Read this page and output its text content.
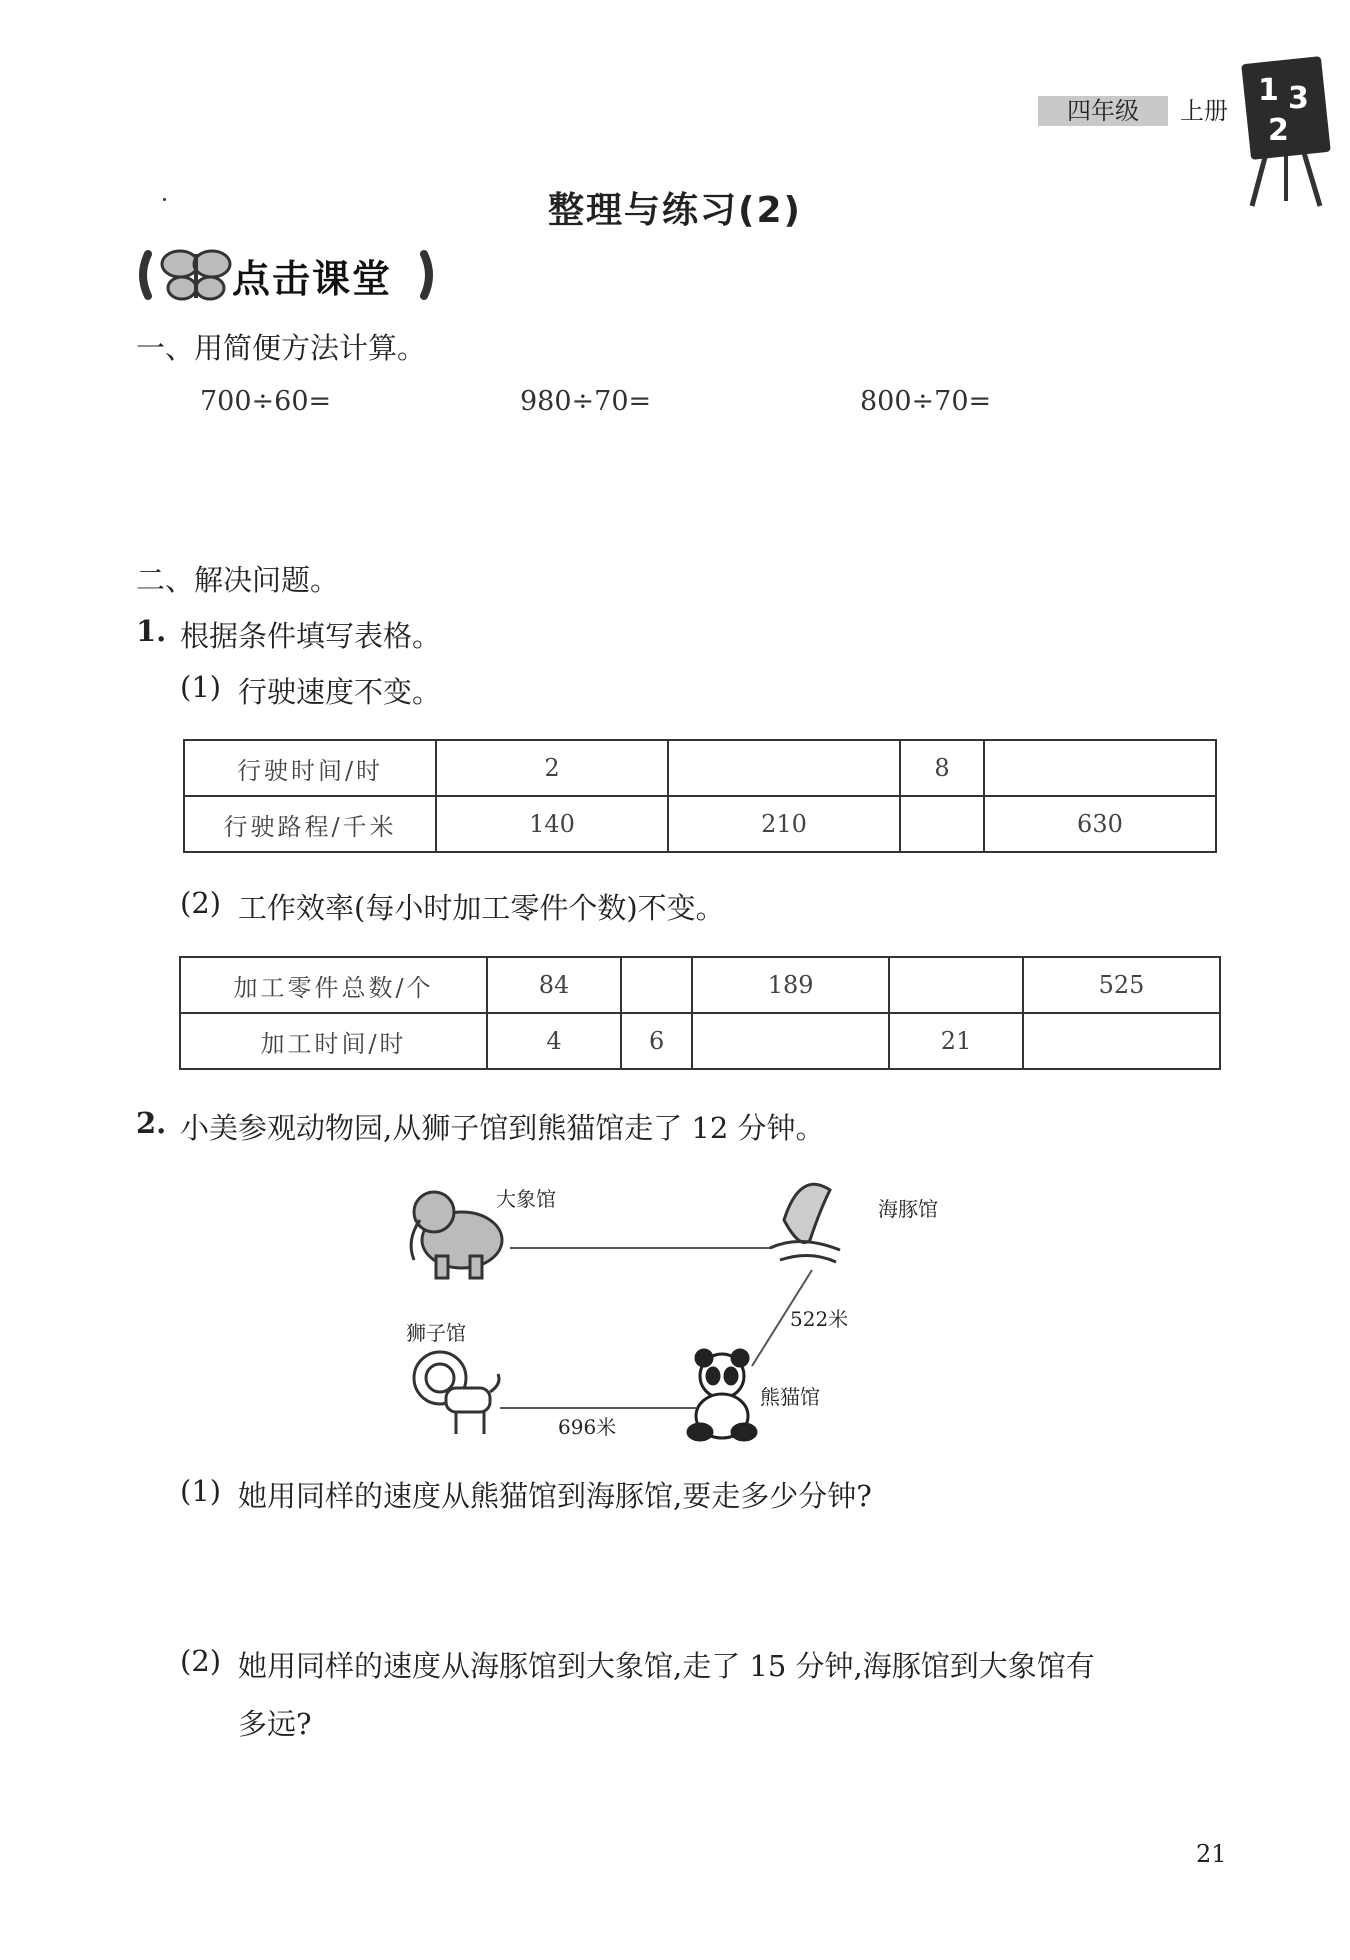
四年级	上册
1 3
2
整理与练习(2)
点击课堂
一、用简便方法计算。
700÷60=	980÷70=	800÷70=
二、解决问题。
1. 根据条件填写表格。
(1) 行驶速度不变。
行驶时间/时	2		8	
行驶路程/千米	140	210		630
(2) 工作效率(每小时加工零件个数)不变。
加工零件总数/个	84		189		525
加工时间/时	4	6		21	
2. 小美参观动物园,从狮子馆到熊猫馆走了 12 分钟。
大象馆	海豚馆
狮子馆
熊猫馆
522米
696米
(1) 她用同样的速度从熊猫馆到海豚馆,要走多少分钟?
(2) 她用同样的速度从海豚馆到大象馆,走了 15 分钟,海豚馆到大象馆有
多远?
21
